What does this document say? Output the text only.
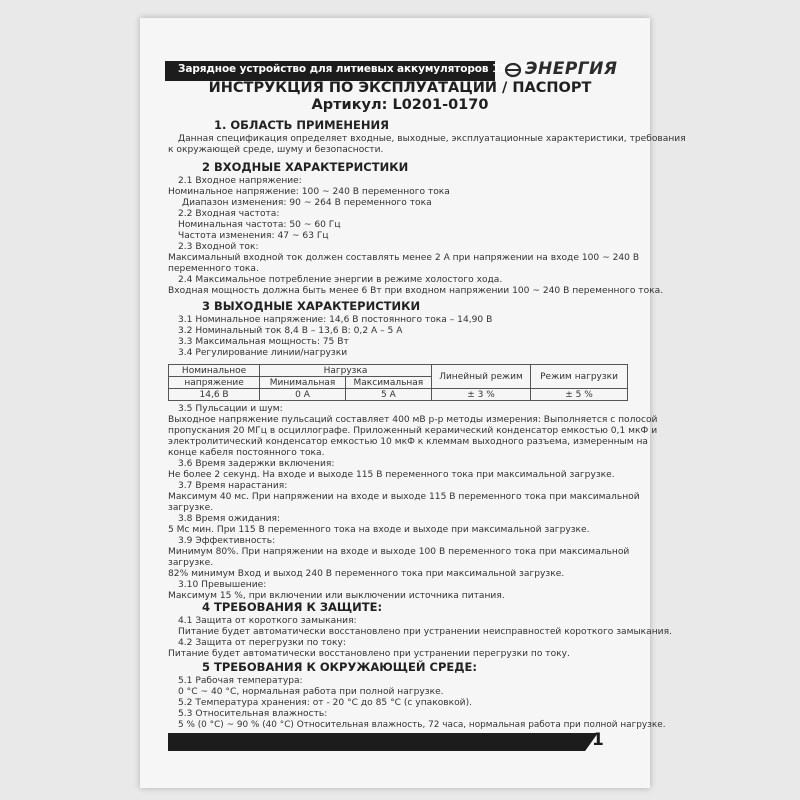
Зарядное устройство для литиевых аккумуляторов 12 В 5 А
ЭНЕРГИЯ
ИНСТРУКЦИЯ ПО ЭКСПЛУАТАЦИИ / ПАСПОРТ
Артикул: L0201-0170
1. ОБЛАСТЬ ПРИМЕНЕНИЯ
Данная спецификация определяет входные, выходные, эксплуатационные характеристики, требования
к окружающей среде, шуму и безопасности.
2 ВХОДНЫЕ ХАРАКТЕРИСТИКИ
2.1 Входное напряжение:
Номинальное напряжение: 100 ~ 240 В переменного тока
Диапазон изменения: 90 ~ 264 В переменного тока
2.2 Входная частота:
Номинальная частота: 50 ~ 60 Гц
Частота изменения: 47 ~ 63 Гц
2.3 Входной ток:
Максимальный входной ток должен составлять менее 2 А при напряжении на входе 100 ~ 240 В
переменного тока.
2.4 Максимальное потребление энергии в режиме холостого хода.
Входная мощность должна быть менее 6 Вт при входном напряжении 100 ~ 240 В переменного тока.
3 ВЫХОДНЫЕ ХАРАКТЕРИСТИКИ
3.1 Номинальное напряжение: 14,6 В постоянного тока – 14,90 В
3.2 Номинальный ток 8,4 В – 13,6 В: 0,2 А – 5 А
3.3 Максимальная мощность: 75 Вт
3.4 Регулирование линии/нагрузки
Номинальное	Нагрузка		Линейный режим	Режим нагрузки
напряжение	Минимальная	Максимальная		
14,6 В	0 А	5 А	± 3 %	± 5 %
3.5 Пульсации и шум:
Выходное напряжение пульсаций составляет 400 мВ р-р методы измерения: Выполняется с полосой
пропускания 20 МГц в осциллографе. Приложенный керамический конденсатор емкостью 0,1 мкФ и
электролитический конденсатор емкостью 10 мкФ к клеммам выходного разъема, измеренным на
конце кабеля постоянного тока.
3.6 Время задержки включения:
Не более 2 секунд. На входе и выходе 115 В переменного тока при максимальной загрузке.
3.7 Время нарастания:
Максимум 40 мс. При напряжении на входе и выходе 115 В переменного тока при максимальной
загрузке.
3.8 Время ожидания:
5 Мс мин. При 115 В переменного тока на входе и выходе при максимальной загрузке.
3.9 Эффективность:
Минимум 80%. При напряжении на входе и выходе 100 В переменного тока при максимальной
загрузке.
82% минимум Вход и выход 240 В переменного тока при максимальной загрузке.
3.10 Превышение:
Максимум 15 %, при включении или выключении источника питания.
4 ТРЕБОВАНИЯ К ЗАЩИТЕ:
4.1 Защита от короткого замыкания:
Питание будет автоматически восстановлено при устранении неисправностей короткого замыкания.
4.2 Защита от перегрузки по току:
Питание будет автоматически восстановлено при устранении перегрузки по току.
5 ТРЕБОВАНИЯ К ОКРУЖАЮЩЕЙ СРЕДЕ:
5.1 Рабочая температура:
0 °С ~ 40 °С, нормальная работа при полной нагрузке.
5.2 Температура хранения: от - 20 °С до 85 °С (с упаковкой).
5.3 Относительная влажность:
5 % (0 °С) ~ 90 % (40 °С) Относительная влажность, 72 часа, нормальная работа при полной нагрузке.
1
